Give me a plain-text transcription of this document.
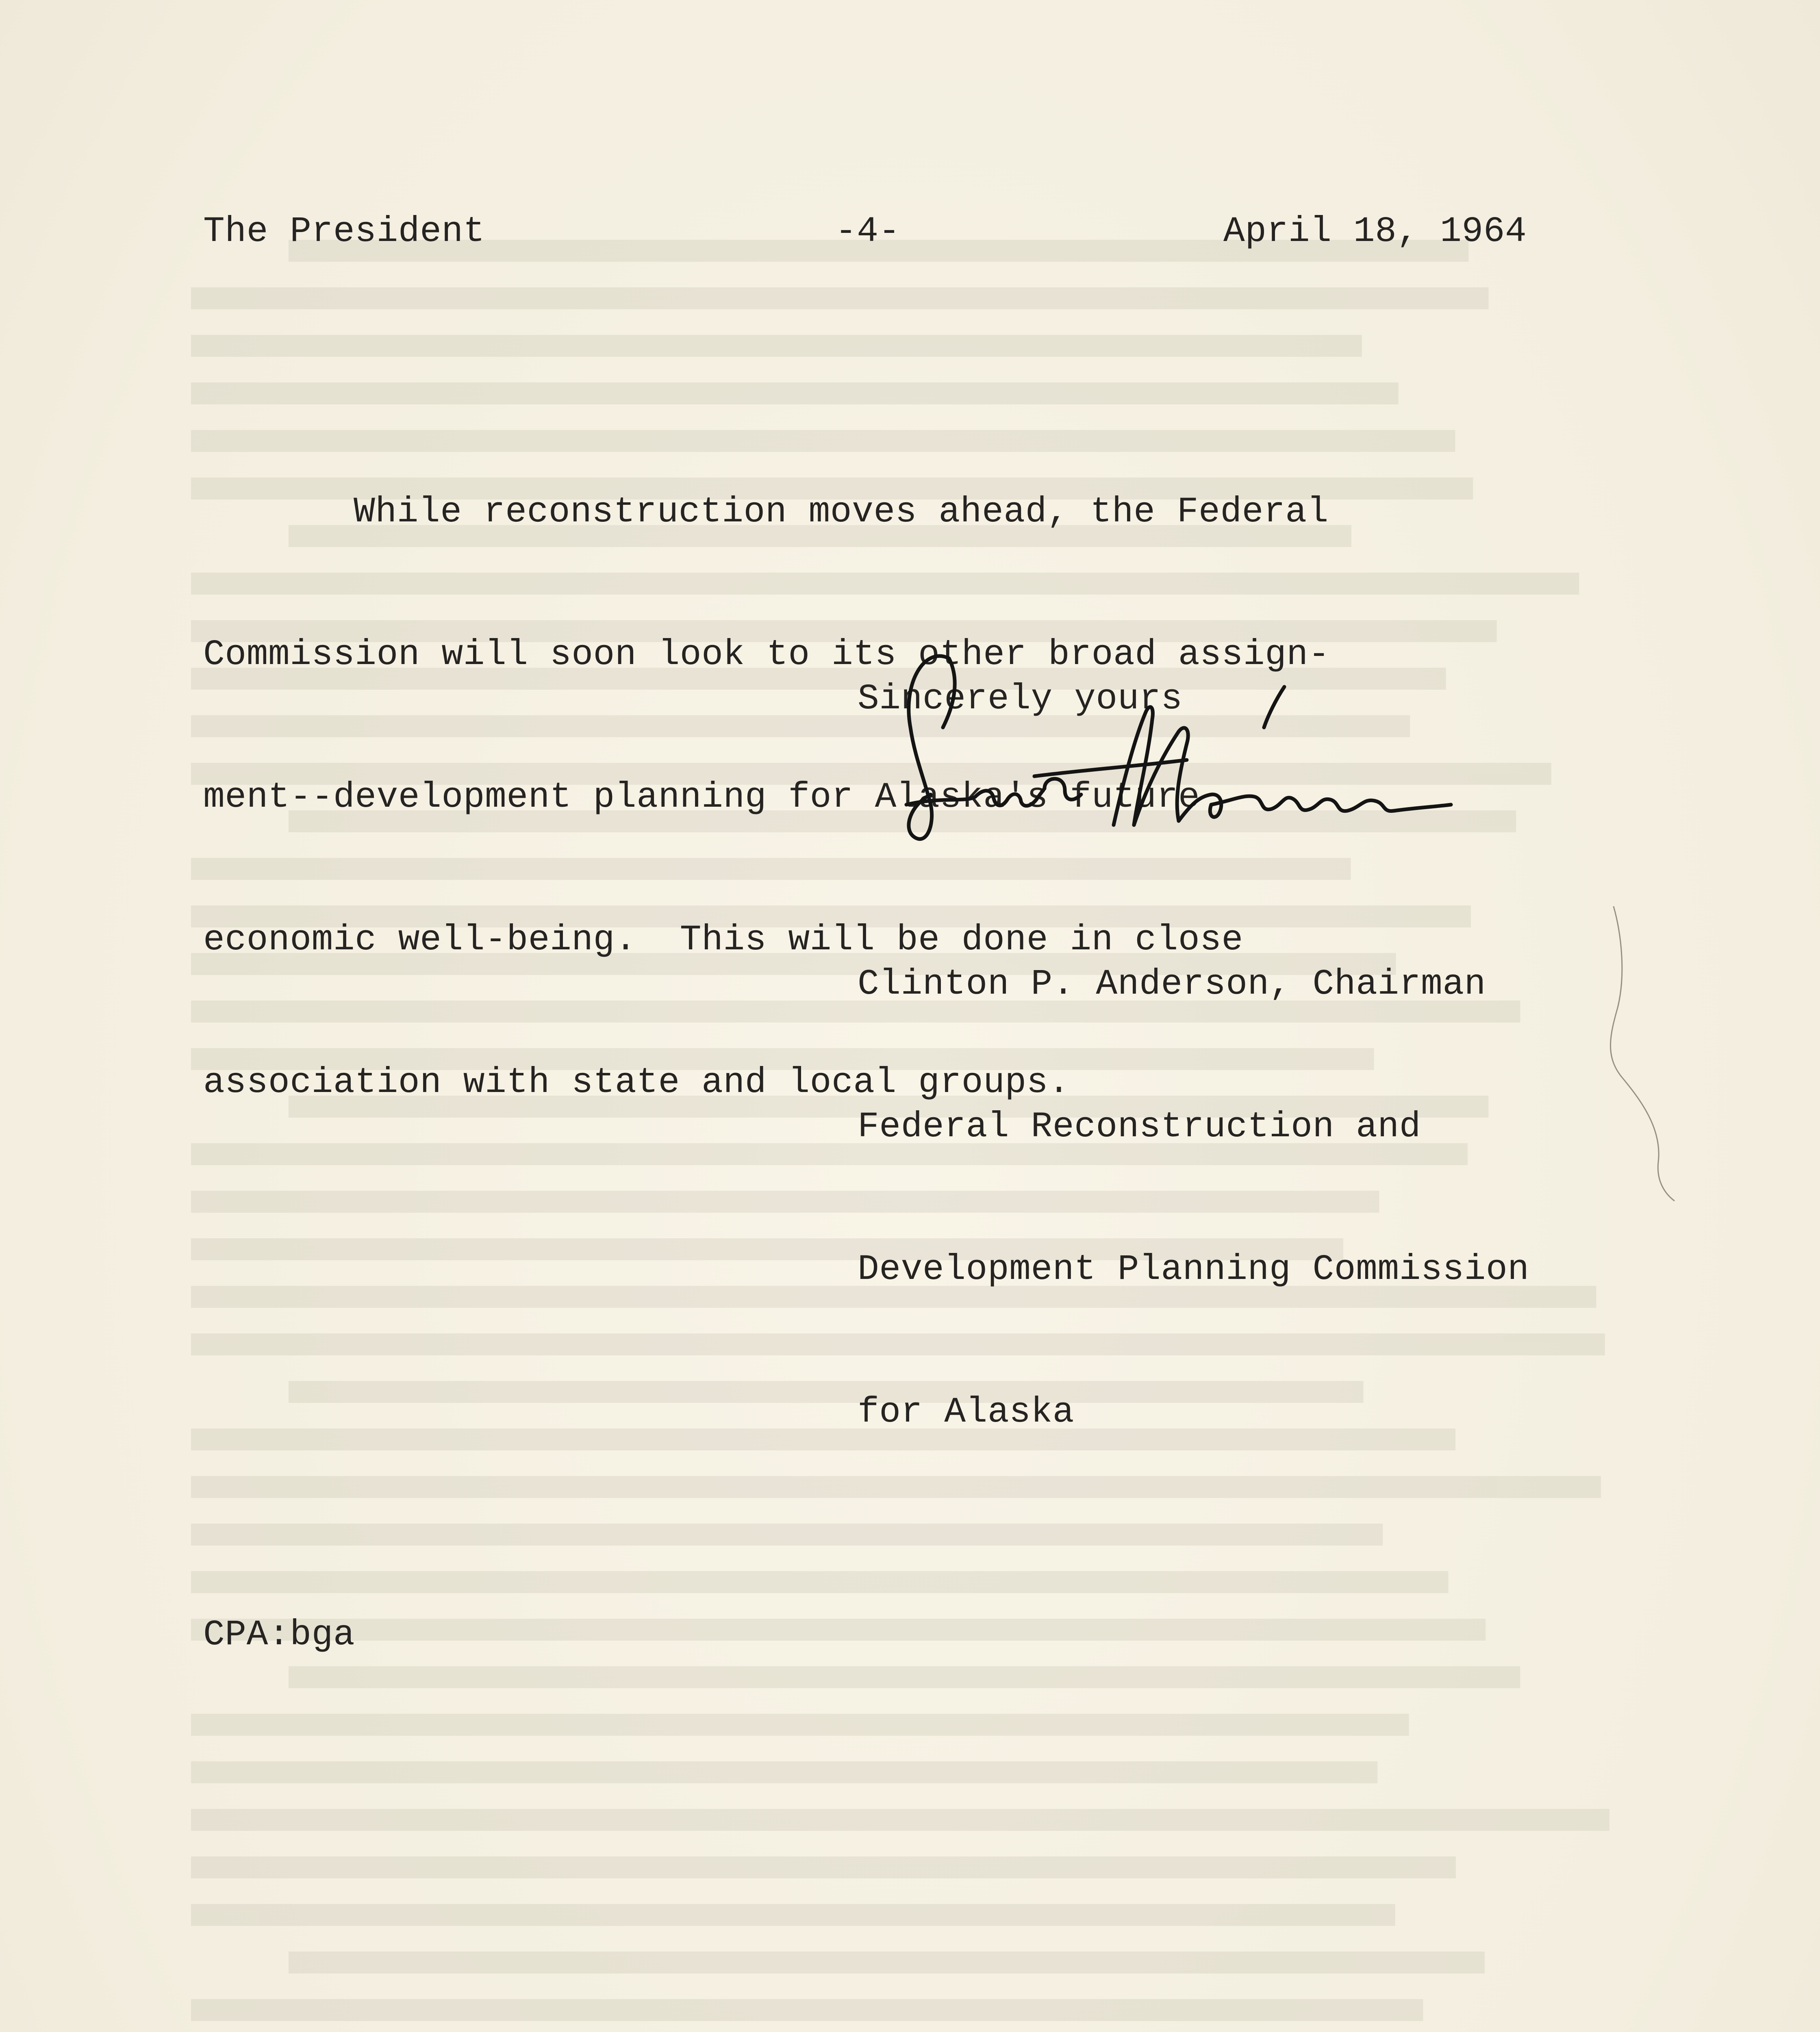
The President	-4-	April 18, 1964

While reconstruction moves ahead, the Federal

Commission will soon look to its other broad assign-

ment--development planning for Alaska's future

economic well-being.  This will be done in close

association with state and local groups.

Sincerely yours

Clinton P. Anderson, Chairman

Federal Reconstruction and

Development Planning Commission

for Alaska

CPA:bga
